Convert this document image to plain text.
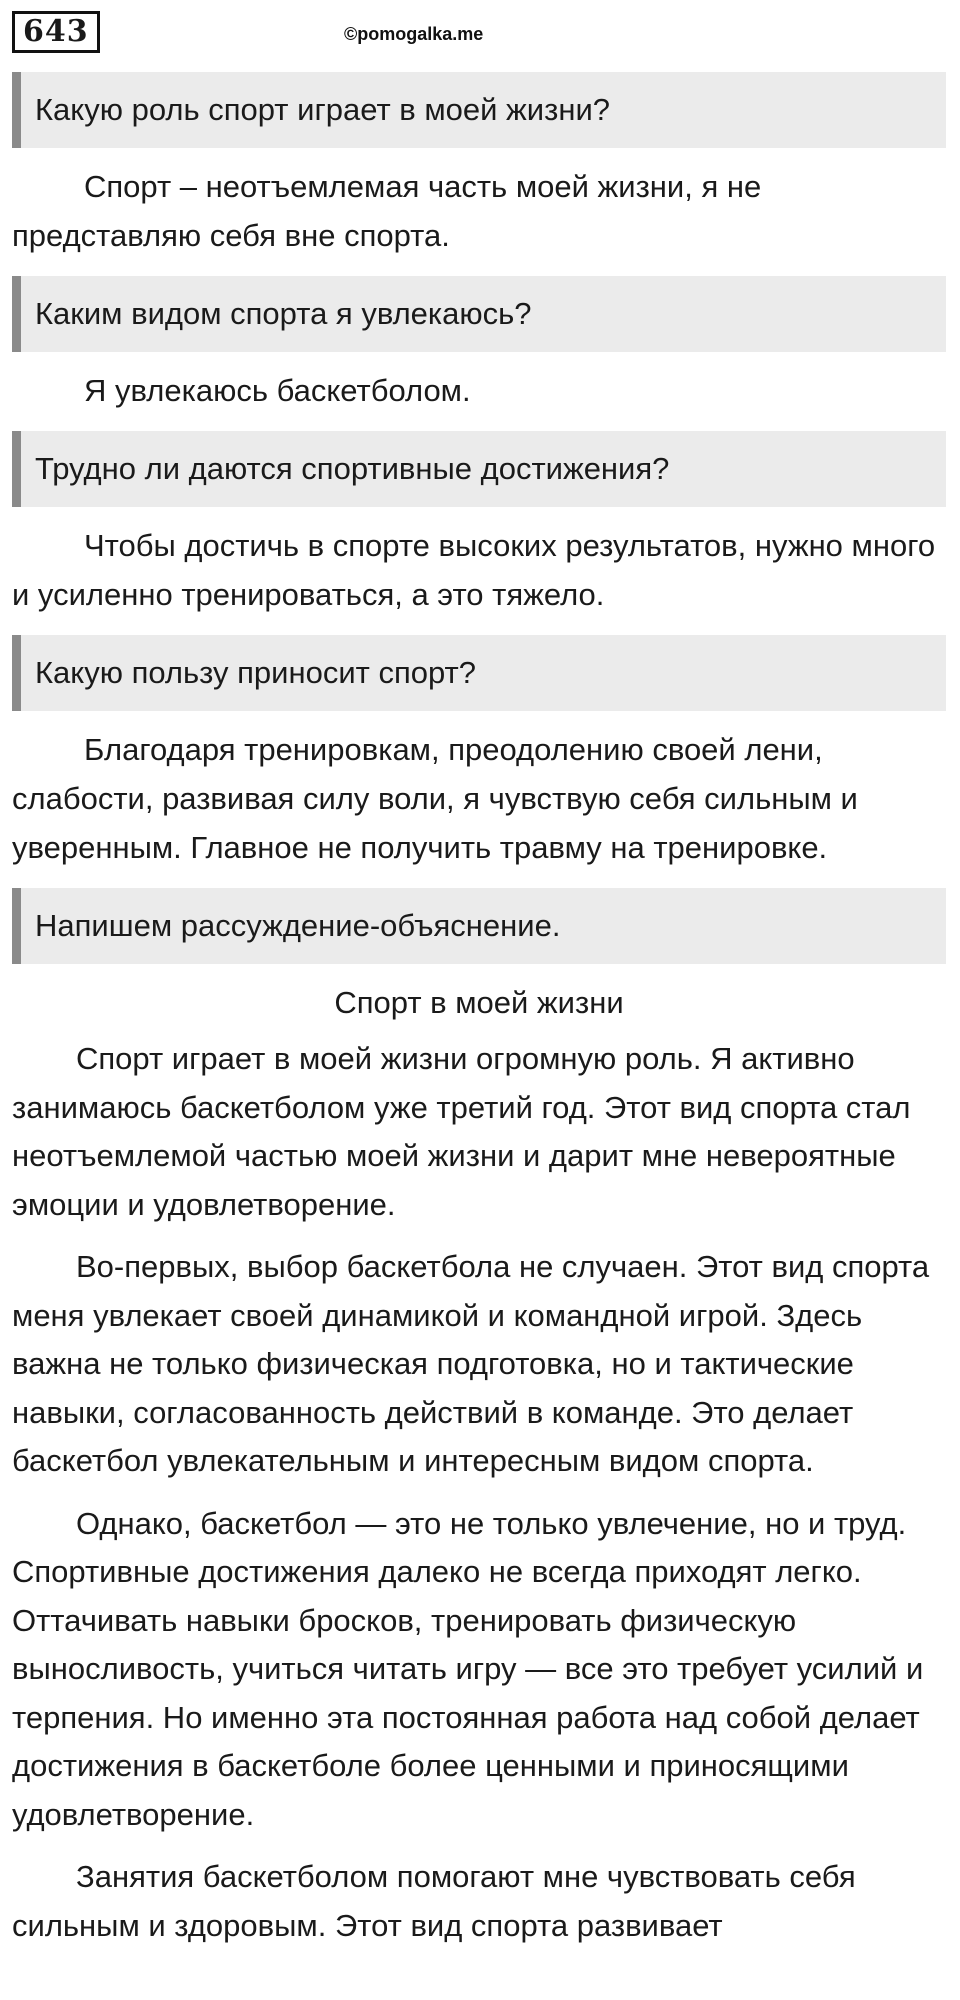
643	©pomogalka.me
Какую роль спорт играет в моей жизни?

Спорт – неотъемлемая часть моей жизни, я не представляю себя вне спорта.

Каким видом спорта я увлекаюсь?

Я увлекаюсь баскетболом.

Трудно ли даются спортивные достижения?

Чтобы достичь в спорте высоких результатов, нужно много и усиленно тренироваться, а это тяжело.

Какую пользу приносит спорт?

Благодаря тренировкам, преодолению своей лени, слабости, развивая силу воли, я чувствую себя сильным и уверенным. Главное не получить травму на тренировке.

Напишем рассуждение-объяснение.
Спорт в моей жизни

Спорт играет в моей жизни огромную роль. Я активно занимаюсь баскетболом уже третий год. Этот вид спорта стал неотъемлемой частью моей жизни и дарит мне невероятные эмоции и удовлетворение.

Во-первых, выбор баскетбола не случаен. Этот вид спорта меня увлекает своей динамикой и командной игрой. Здесь важна не только физическая подготовка, но и тактические навыки, согласованность действий в команде. Это делает баскетбол увлекательным и интересным видом спорта.

Однако, баскетбол — это не только увлечение, но и труд. Спортивные достижения далеко не всегда приходят легко. Оттачивать навыки бросков, тренировать физическую выносливость, учиться читать игру — все это требует усилий и терпения. Но именно эта постоянная работа над собой делает достижения в баскетболе более ценными и приносящими удовлетворение.

Занятия баскетболом помогают мне чувствовать себя сильным и здоровым. Этот вид спорта развивает
